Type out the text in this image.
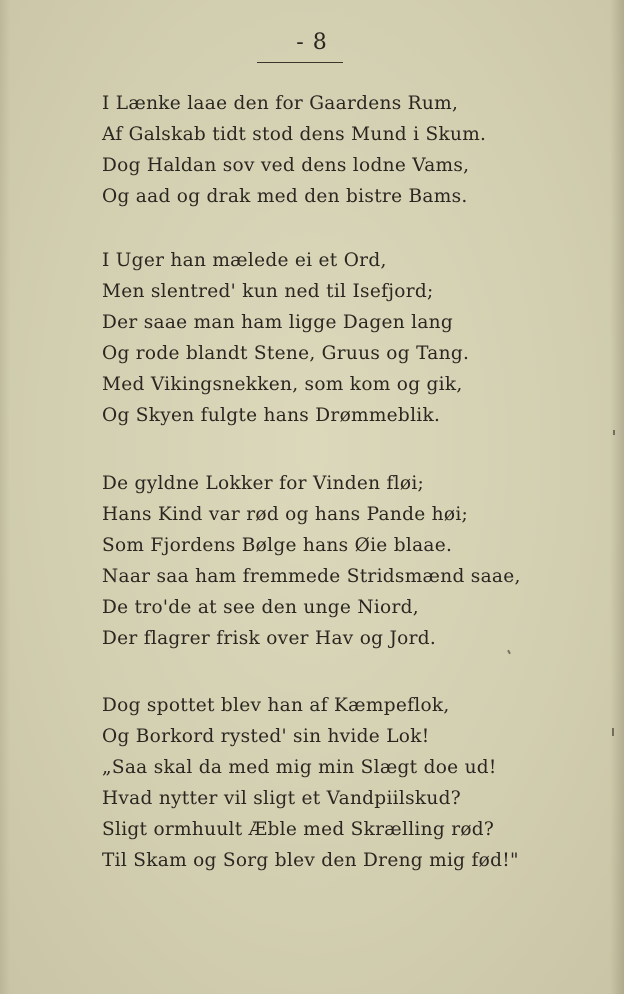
- 8
I Lænke laae den for Gaardens Rum,
Af Galskab tidt stod dens Mund i Skum.
Dog Haldan sov ved dens lodne Vams,
Og aad og drak med den bistre Bams.
I Uger han mælede ei et Ord,
Men slentred' kun ned til Isefjord;
Der saae man ham ligge Dagen lang
Og rode blandt Stene, Gruus og Tang.
Med Vikingsnekken, som kom og gik,
Og Skyen fulgte hans Drømmeblik.
De gyldne Lokker for Vinden fløi;
Hans Kind var rød og hans Pande høi;
Som Fjordens Bølge hans Øie blaae.
Naar saa ham fremmede Stridsmænd saae,
De tro'de at see den unge Niord,
Der flagrer frisk over Hav og Jord.
Dog spottet blev han af Kæmpeflok,
Og Borkord rysted' sin hvide Lok!
„Saa skal da med mig min Slægt doe ud!
Hvad nytter vil sligt et Vandpiilskud?
Sligt ormhuult Æble med Skrælling rød?
Til Skam og Sorg blev den Dreng mig fød!"
